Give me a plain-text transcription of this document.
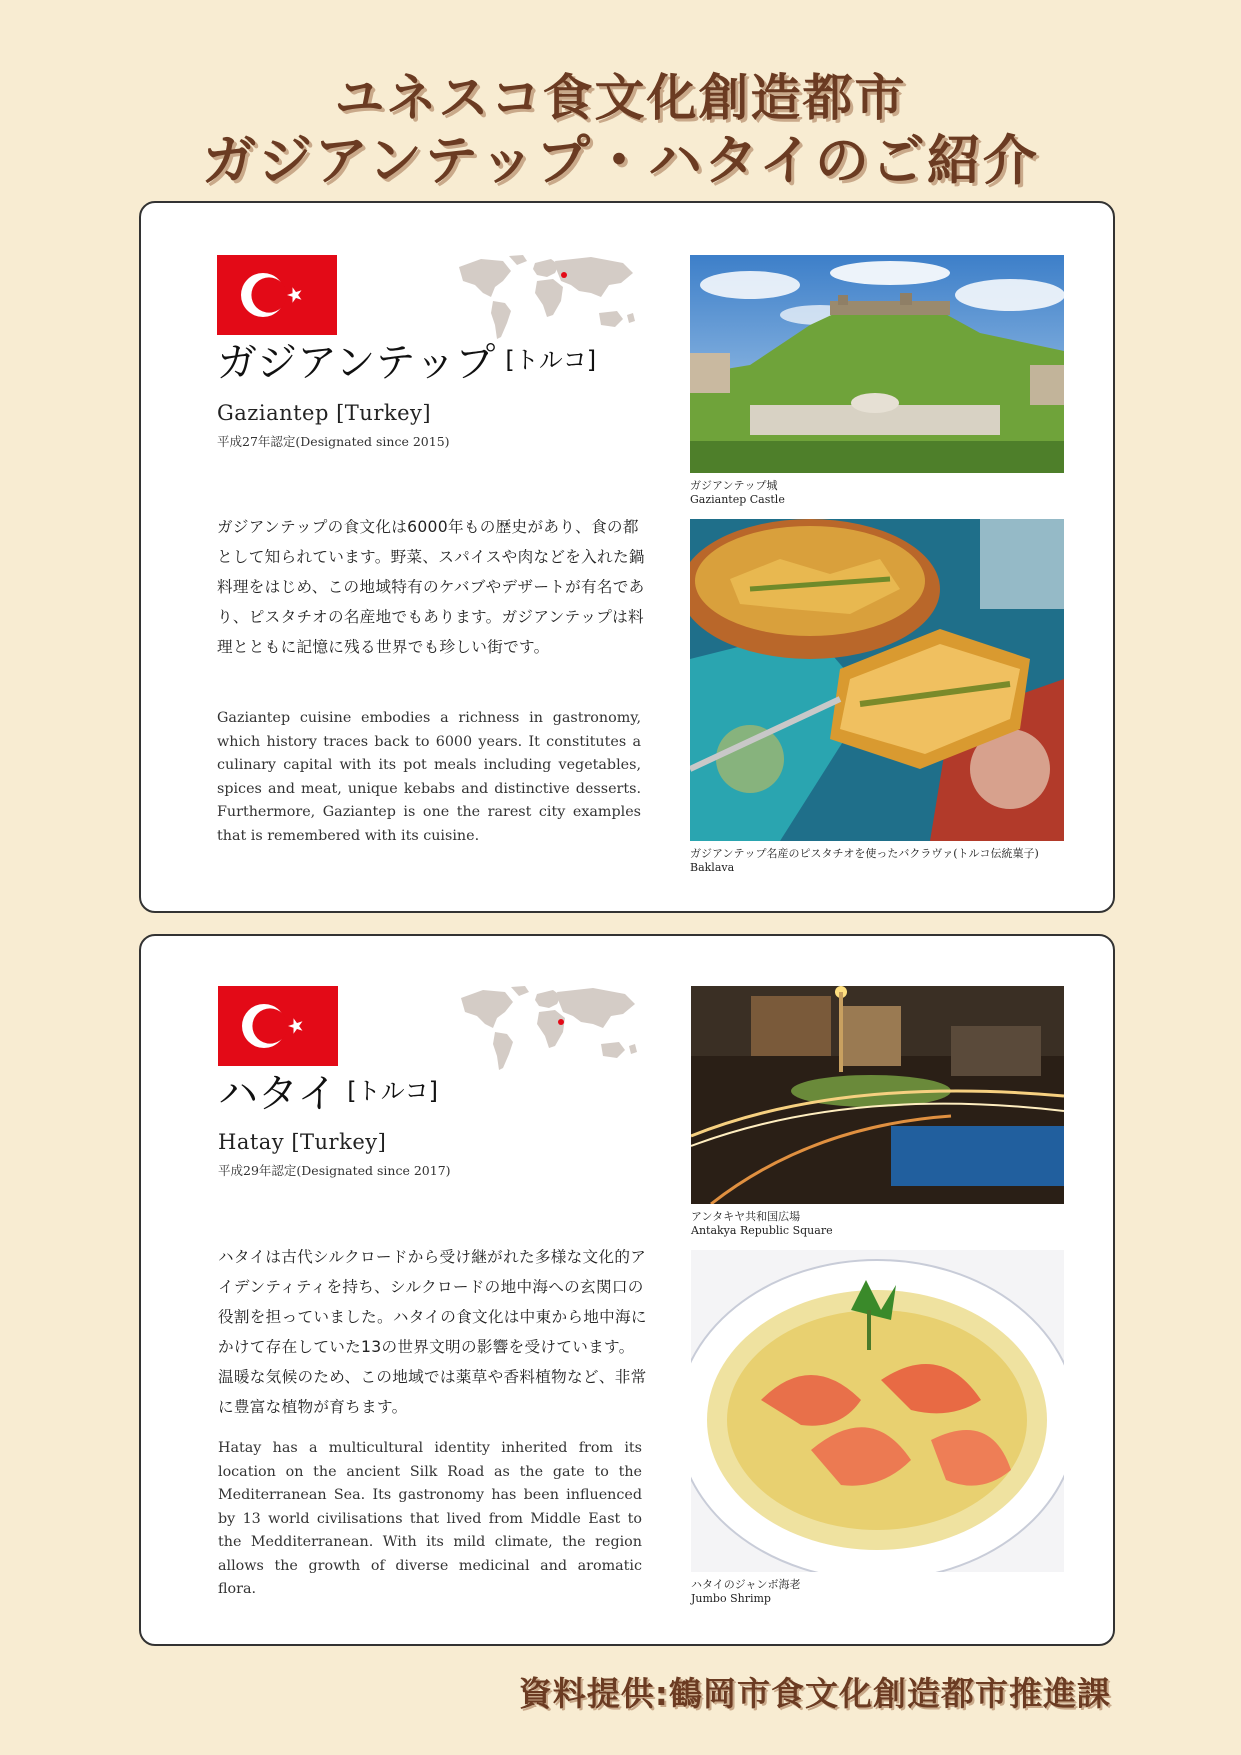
ユネスコ食文化創造都市
ガジアンテップ・ハタイのご紹介
ガジアンテップ [トルコ]
Gaziantep [Turkey]
平成27年認定(Designated since 2015)

ガジアンテップの食文化は6000年もの歴史があり、食の都として知られています。野菜、スパイスや肉などを入れた鍋料理をはじめ、この地域特有のケバブやデザートが有名であり、ピスタチオの名産地でもあります。ガジアンテップは料理とともに記憶に残る世界でも珍しい街です。

Gaziantep cuisine embodies a richness in gastronomy, which history traces back to 6000 years. It constitutes a culinary capital with its pot meals including vegetables, spices and meat, unique kebabs and distinctive desserts. Furthermore, Gaziantep is one the rarest city examples that is remembered with its cuisine.

ガジアンテップ城
Gaziantep Castle
ガジアンテップ名産のピスタチオを使ったバクラヴァ(トルコ伝統菓子)
Baklava
ハタイ [トルコ]
Hatay [Turkey]
平成29年認定(Designated since 2017)

ハタイは古代シルクロードから受け継がれた多様な文化的アイデンティティを持ち、シルクロードの地中海への玄関口の役割を担っていました。ハタイの食文化は中東から地中海にかけて存在していた13の世界文明の影響を受けています。温暖な気候のため、この地域では薬草や香料植物など、非常に豊富な植物が育ちます。

Hatay has a multicultural identity inherited from its location on the ancient Silk Road as the gate to the Mediterranean Sea. Its gastronomy has been influenced by 13 world civilisations that lived from Middle East to the Medditerranean. With its mild climate, the region allows the growth of diverse medicinal and aromatic flora.

アンタキヤ共和国広場
Antakya Republic Square
ハタイのジャンボ海老
Jumbo Shrimp

資料提供:鶴岡市食文化創造都市推進課
